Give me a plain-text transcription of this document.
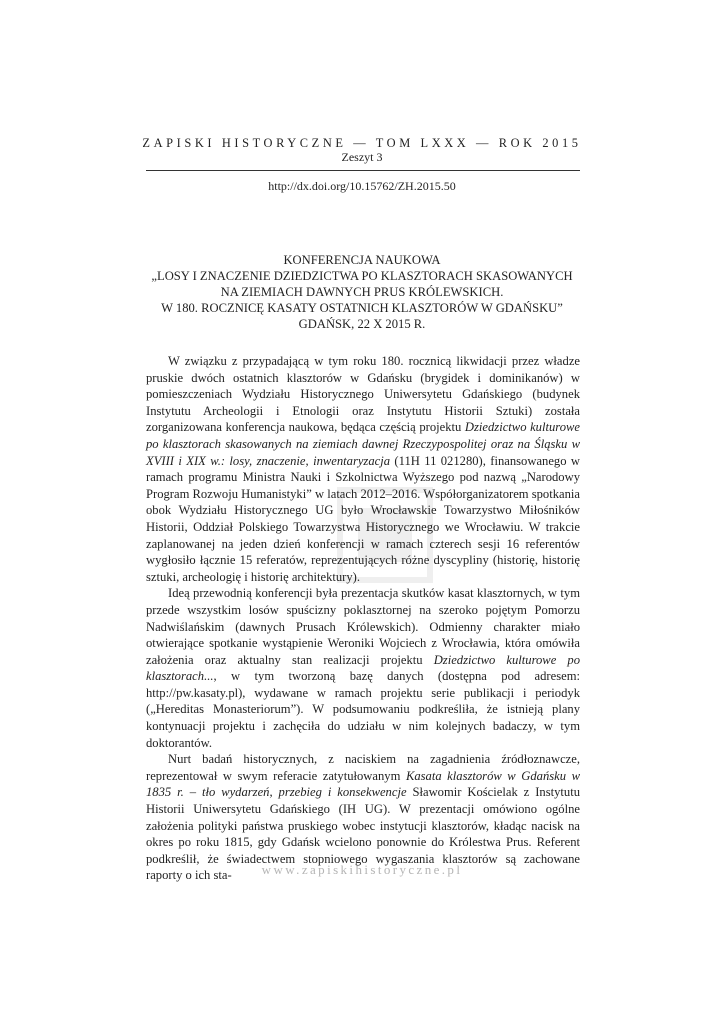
ZAPISKI HISTORYCZNE — TOM LXXX — ROK 2015
Zeszyt 3
http://dx.doi.org/10.15762/ZH.2015.50
KONFERENCJA NAUKOWA
„LOSY I ZNACZENIE DZIEDZICTWA PO KLASZTORACH SKASOWANYCH
NA ZIEMIACH DAWNYCH PRUS KRÓLEWSKICH.
W 180. ROCZNICĘ KASATY OSTATNICH KLASZTORÓW W GDAŃSKU”
GDAŃSK, 22 X 2015 R.

W związku z przypadającą w tym roku 180. rocznicą likwidacji przez władze pruskie dwóch ostatnich klasztorów w Gdańsku (brygidek i dominikanów) w pomieszczeniach Wydziału Historycznego Uniwersytetu Gdańskiego (budynek Instytutu Archeologii i Etnologii oraz Instytutu Historii Sztuki) została zorganizowana konferencja naukowa, będąca częścią projektu Dziedzictwo kulturowe po klasztorach skasowanych na ziemiach dawnej Rzeczypospolitej oraz na Śląsku w XVIII i XIX w.: losy, znaczenie, inwentaryzacja (11H 11 021280), finansowanego w ramach programu Ministra Nauki i Szkolnictwa Wyższego pod nazwą „Narodowy Program Rozwoju Humanistyki” w latach 2012–2016. Współorganizatorem spotkania obok Wydziału Historycznego UG było Wrocławskie Towarzystwo Miłośników Historii, Oddział Polskiego Towarzystwa Historycznego we Wrocławiu. W trakcie zaplanowanej na jeden dzień konferencji w ramach czterech sesji 16 referentów wygłosiło łącznie 15 referatów, reprezentujących różne dyscypliny (historię, historię sztuki, archeologię i historię architektury).

Ideą przewodnią konferencji była prezentacja skutków kasat klasztornych, w tym przede wszystkim losów spuścizny poklasztornej na szeroko pojętym Pomorzu Nadwiślańskim (dawnych Prusach Królewskich). Odmienny charakter miało otwierające spotkanie wystąpienie Weroniki Wojciech z Wrocławia, która omówiła założenia oraz aktualny stan realizacji projektu Dziedzictwo kulturowe po klasztorach..., w tym tworzoną bazę danych (dostępna pod adresem: http://pw.kasaty.pl), wydawane w ramach projektu serie publikacji i periodyk („Hereditas Monasteriorum”). W podsumowaniu podkreśliła, że istnieją plany kontynuacji projektu i zachęciła do udziału w nim kolejnych badaczy, w tym doktorantów.

Nurt badań historycznych, z naciskiem na zagadnienia źródłoznawcze, reprezentował w swym referacie zatytułowanym Kasata klasztorów w Gdańsku w 1835 r. – tło wydarzeń, przebieg i konsekwencje Sławomir Kościelak z Instytutu Historii Uniwersytetu Gdańskiego (IH UG). W prezentacji omówiono ogólne założenia polityki państwa pruskiego wobec instytucji klasztorów, kładąc nacisk na okres po roku 1815, gdy Gdańsk wcielono ponownie do Królestwa Prus. Referent podkreślił, że świadectwem stopniowego wygaszania klasztorów są zachowane raporty o ich sta-	www.zapiskihistoryczne.pl
